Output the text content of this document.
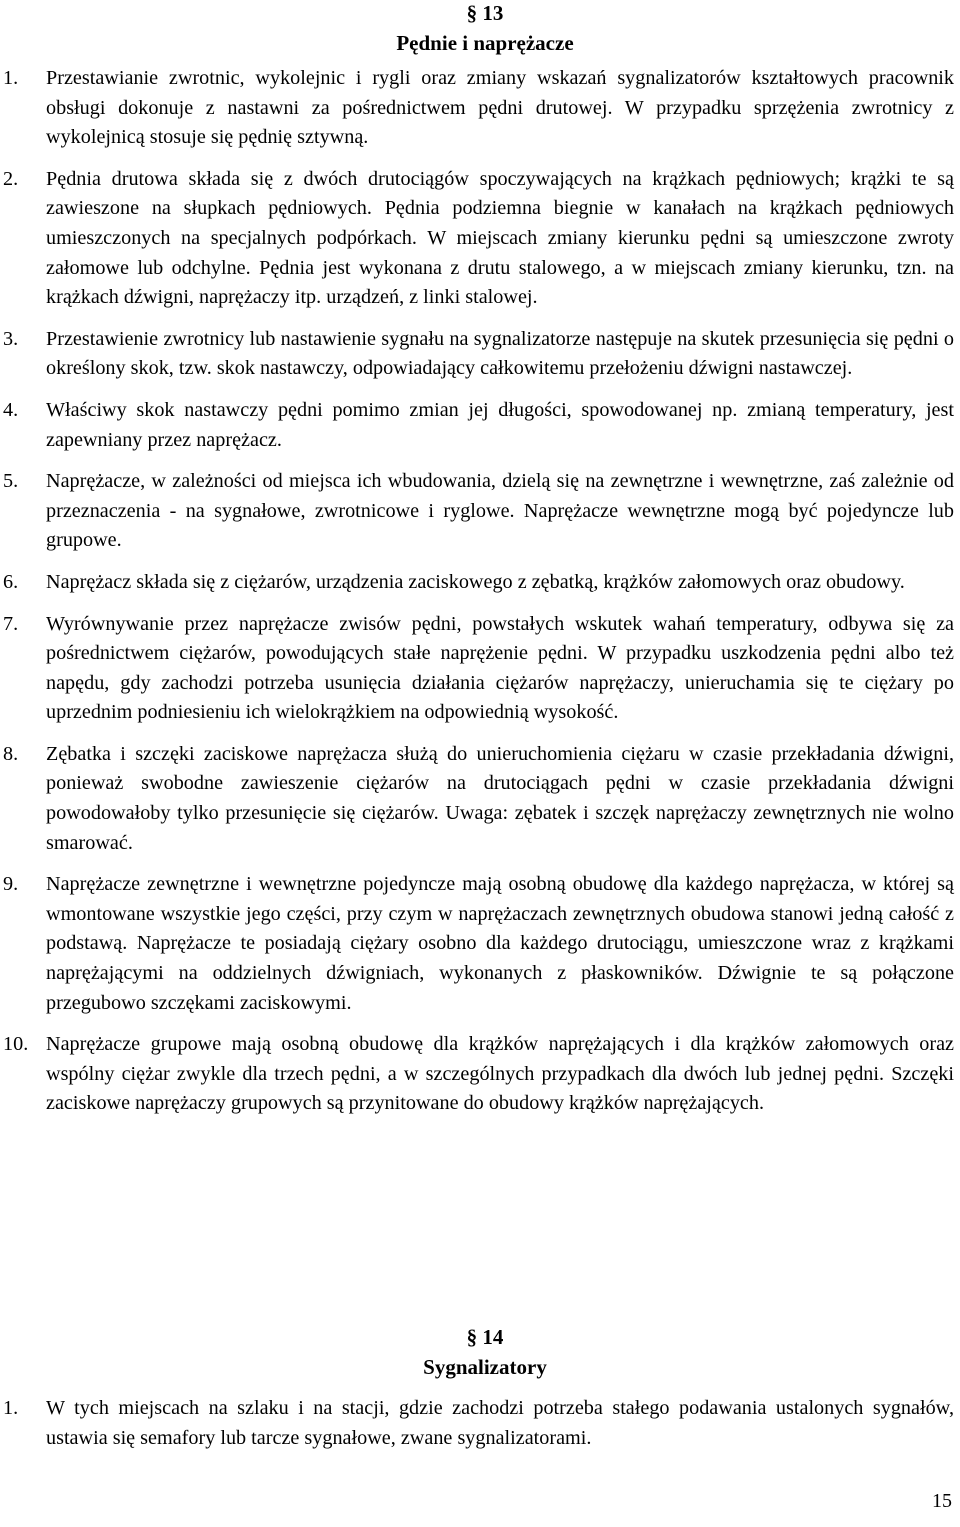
§ 13

Pędnie i naprężacze

1. Przestawianie zwrotnic, wykolejnic i rygli oraz zmiany wskazań sygnalizatorów kształtowych pracownik obsługi dokonuje z nastawni za pośrednictwem pędni drutowej. W przypadku sprzężenia zwrotnicy z wykolejnicą stosuje się pędnię sztywną.
2. Pędnia drutowa składa się z dwóch drutociągów spoczywających na krążkach pędniowych; krążki te są zawieszone na słupkach pędniowych. Pędnia podziemna biegnie w kanałach na krążkach pędniowych umieszczonych na specjalnych podpórkach. W miejscach zmiany kierunku pędni są umieszczone zwroty załomowe lub odchylne. Pędnia jest wykonana z drutu stalowego, a w miejscach zmiany kierunku, tzn. na krążkach dźwigni, naprężaczy itp. urządzeń, z linki stalowej.
3. Przestawienie zwrotnicy lub nastawienie sygnału na sygnalizatorze następuje na skutek przesunięcia się pędni o określony skok, tzw. skok nastawczy, odpowiadający całkowitemu przełożeniu dźwigni nastawczej.
4. Właściwy skok nastawczy pędni pomimo zmian jej długości, spowodowanej np. zmianą temperatury, jest zapewniany przez naprężacz.
5. Naprężacze, w zależności od miejsca ich wbudowania, dzielą się na zewnętrzne i wewnętrzne, zaś zależnie od przeznaczenia - na sygnałowe, zwrotnicowe i ryglowe. Naprężacze wewnętrzne mogą być pojedyncze lub grupowe.
6. Naprężacz składa się z ciężarów, urządzenia zaciskowego z zębatką, krążków załomowych oraz obudowy.
7. Wyrównywanie przez naprężacze zwisów pędni, powstałych wskutek wahań temperatury, odbywa się za pośrednictwem ciężarów, powodujących stałe naprężenie pędni. W przypadku uszkodzenia pędni albo też napędu, gdy zachodzi potrzeba usunięcia działania ciężarów naprężaczy, unieruchamia się te ciężary po uprzednim podniesieniu ich wielokrążkiem na odpowiednią wysokość.
8. Zębatka i szczęki zaciskowe naprężacza służą do unieruchomienia ciężaru w czasie przekładania dźwigni, ponieważ swobodne zawieszenie ciężarów na drutociągach pędni w czasie przekładania dźwigni powodowałoby tylko przesunięcie się ciężarów. Uwaga: zębatek i szczęk naprężaczy zewnętrznych nie wolno smarować.
9. Naprężacze zewnętrzne i wewnętrzne pojedyncze mają osobną obudowę dla każdego naprężacza, w której są wmontowane wszystkie jego części, przy czym w naprężaczach zewnętrznych obudowa stanowi jedną całość z podstawą. Naprężacze te posiadają ciężary osobno dla każdego drutociągu, umieszczone wraz z krążkami naprężającymi na oddzielnych dźwigniach, wykonanych z płaskowników. Dźwignie te są połączone przegubowo szczękami zaciskowymi.
10. Naprężacze grupowe mają osobną obudowę dla krążków naprężających i dla krążków załomowych oraz wspólny ciężar zwykle dla trzech pędni, a w szczególnych przypadkach dla dwóch lub jednej pędni. Szczęki zaciskowe naprężaczy grupowych są przynitowane do obudowy krążków naprężających.

§ 14

Sygnalizatory

1. W tych miejscach na szlaku i na stacji, gdzie zachodzi potrzeba stałego podawania ustalonych sygnałów, ustawia się semafory lub tarcze sygnałowe, zwane sygnalizatorami.
15
